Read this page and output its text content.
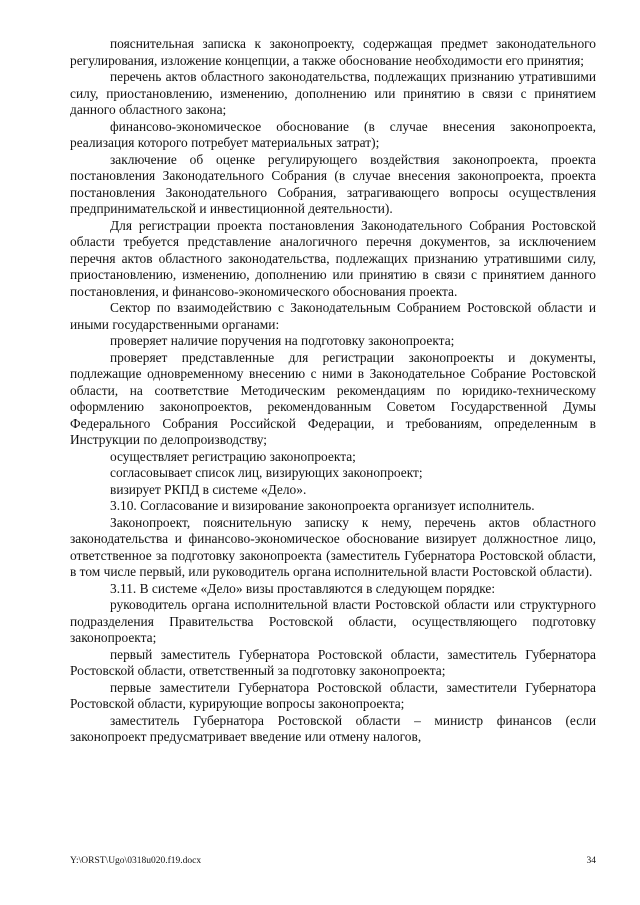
пояснительная записка к законопроекту, содержащая предмет законодательного регулирования, изложение концепции, а также обоснование необходимости его принятия;

перечень актов областного законодательства, подлежащих признанию утратившими силу, приостановлению, изменению, дополнению или принятию в связи с принятием данного областного закона;

финансово-экономическое обоснование (в случае внесения законопроекта, реализация которого потребует материальных затрат);

заключение об оценке регулирующего воздействия законопроекта, проекта постановления Законодательного Собрания (в случае внесения законопроекта, проекта постановления Законодательного Собрания, затрагивающего вопросы осуществления предпринимательской и инвестиционной деятельности).

Для регистрации проекта постановления Законодательного Собрания Ростовской области требуется представление аналогичного перечня документов, за исключением перечня актов областного законодательства, подлежащих признанию утратившими силу, приостановлению, изменению, дополнению или принятию в связи с принятием данного постановления, и финансово-экономического обоснования проекта.

Сектор по взаимодействию с Законодательным Собранием Ростовской области и иными государственными органами:

проверяет наличие поручения на подготовку законопроекта;

проверяет представленные для регистрации законопроекты и документы, подлежащие одновременному внесению с ними в Законодательное Собрание Ростовской области, на соответствие Методическим рекомендациям по юридико-техническому оформлению законопроектов, рекомендованным Советом Государственной Думы Федерального Собрания Российской Федерации, и требованиям, определенным в Инструкции по делопроизводству;

осуществляет регистрацию законопроекта;

согласовывает список лиц, визирующих законопроект;

визирует РКПД в системе «Дело».

3.10. Согласование и визирование законопроекта организует исполнитель.

Законопроект, пояснительную записку к нему, перечень актов областного законодательства и финансово-экономическое обоснование визирует должностное лицо, ответственное за подготовку законопроекта (заместитель Губернатора Ростовской области, в том числе первый, или руководитель органа исполнительной власти Ростовской области).

3.11. В системе «Дело» визы проставляются в следующем порядке:

руководитель органа исполнительной власти Ростовской области или структурного подразделения Правительства Ростовской области, осуществляющего подготовку законопроекта;

первый заместитель Губернатора Ростовской области, заместитель Губернатора Ростовской области, ответственный за подготовку законопроекта;

первые заместители Губернатора Ростовской области, заместители Губернатора Ростовской области, курирующие вопросы законопроекта;

заместитель Губернатора Ростовской области – министр финансов (если законопроект предусматривает введение или отмену налогов,

Y:\ORST\Ugo\0318u020.f19.docx	34
